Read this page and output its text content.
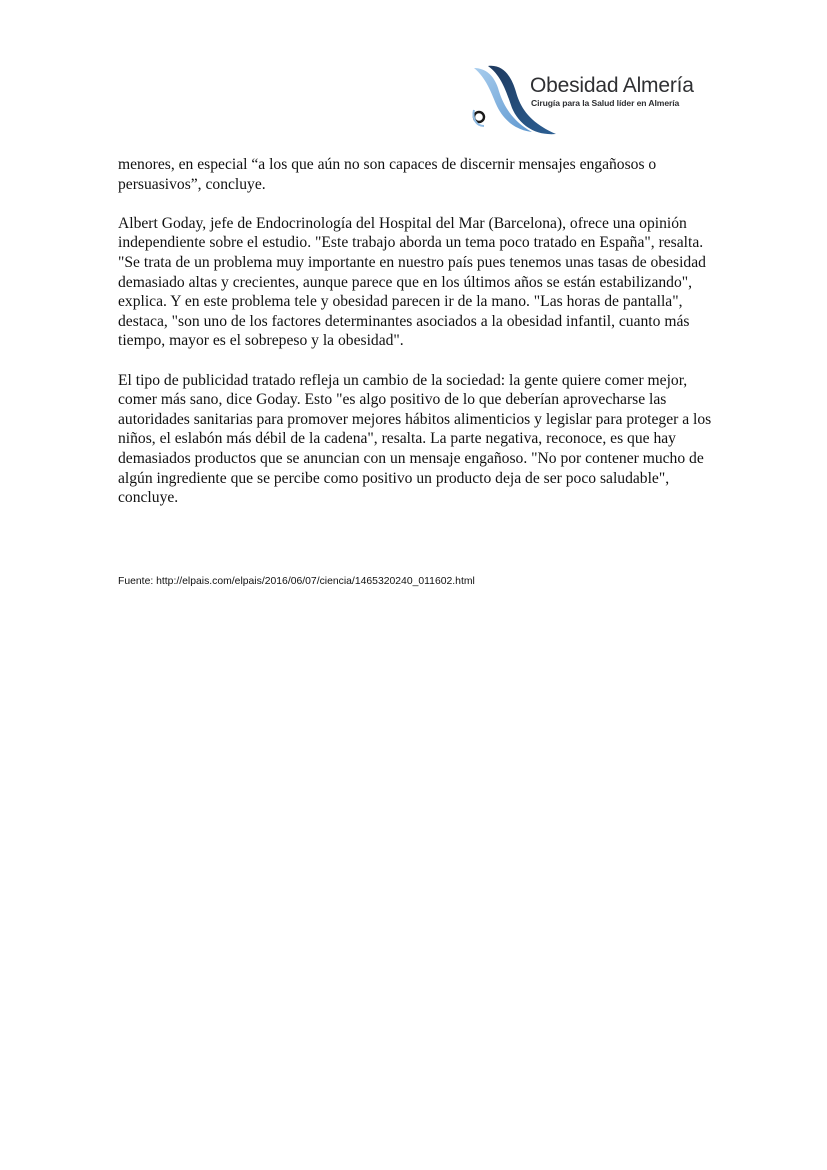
Obesidad Almería
Cirugía para la Salud líder en Almería

menores, en especial “a los que aún no son capaces de discernir mensajes engañosos o persuasivos”, concluye.

Albert Goday, jefe de Endocrinología del Hospital del Mar (Barcelona), ofrece una opinión independiente sobre el estudio. "Este trabajo aborda un tema poco tratado en España", resalta. "Se trata de un problema muy importante en nuestro país pues tenemos unas tasas de obesidad demasiado altas y crecientes, aunque parece que en los últimos años se están estabilizando", explica. Y en este problema tele y obesidad parecen ir de la mano. "Las horas de pantalla", destaca, "son uno de los factores determinantes asociados a la obesidad infantil, cuanto más tiempo, mayor es el sobrepeso y la obesidad".

El tipo de publicidad tratado refleja un cambio de la sociedad: la gente quiere comer mejor, comer más sano, dice Goday. Esto "es algo positivo de lo que deberían aprovecharse las autoridades sanitarias para promover mejores hábitos alimenticios y legislar para proteger a los niños, el eslabón más débil de la cadena", resalta. La parte negativa, reconoce, es que hay demasiados productos que se anuncian con un mensaje engañoso. "No por contener mucho de algún ingrediente que se percibe como positivo un producto deja de ser poco saludable", concluye.

Fuente: http://elpais.com/elpais/2016/06/07/ciencia/1465320240_011602.html
